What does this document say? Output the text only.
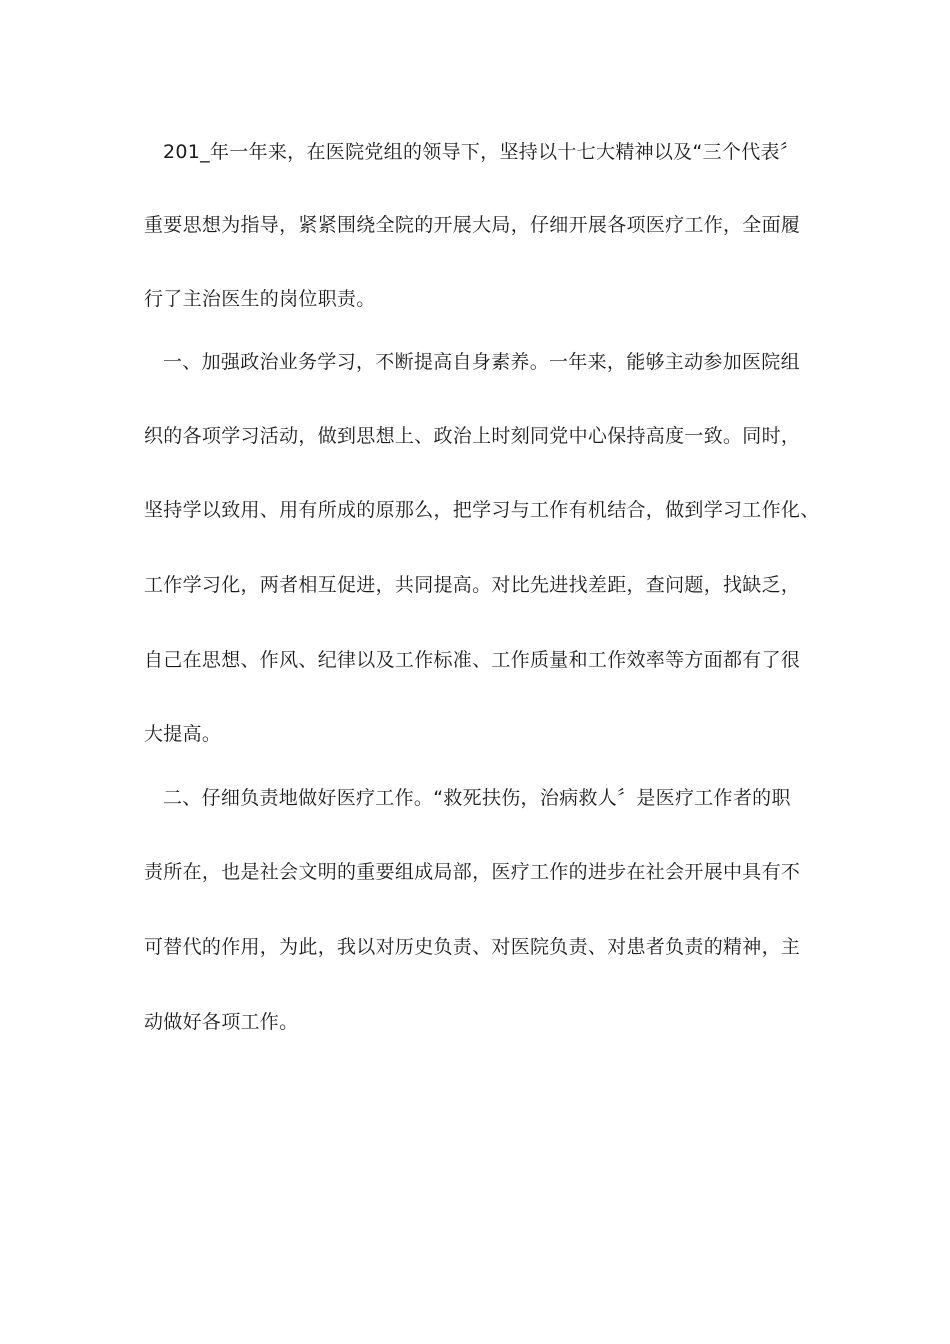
201_年一年来，在医院党组的领导下，坚持以十七大精神以及“三个代表〞
重要思想为指导，紧紧围绕全院的开展大局，仔细开展各项医疗工作，全面履
行了主治医生的岗位职责。
一、加强政治业务学习，不断提高自身素养。一年来，能够主动参加医院组
织的各项学习活动，做到思想上、政治上时刻同党中心保持高度一致。同时，
坚持学以致用、用有所成的原那么，把学习与工作有机结合，做到学习工作化、
工作学习化，两者相互促进，共同提高。对比先进找差距，查问题，找缺乏，
自己在思想、作风、纪律以及工作标准、工作质量和工作效率等方面都有了很
大提高。
二、仔细负责地做好医疗工作。“救死扶伤，治病救人〞是医疗工作者的职
责所在，也是社会文明的重要组成局部，医疗工作的进步在社会开展中具有不
可替代的作用，为此，我以对历史负责、对医院负责、对患者负责的精神，主
动做好各项工作。
